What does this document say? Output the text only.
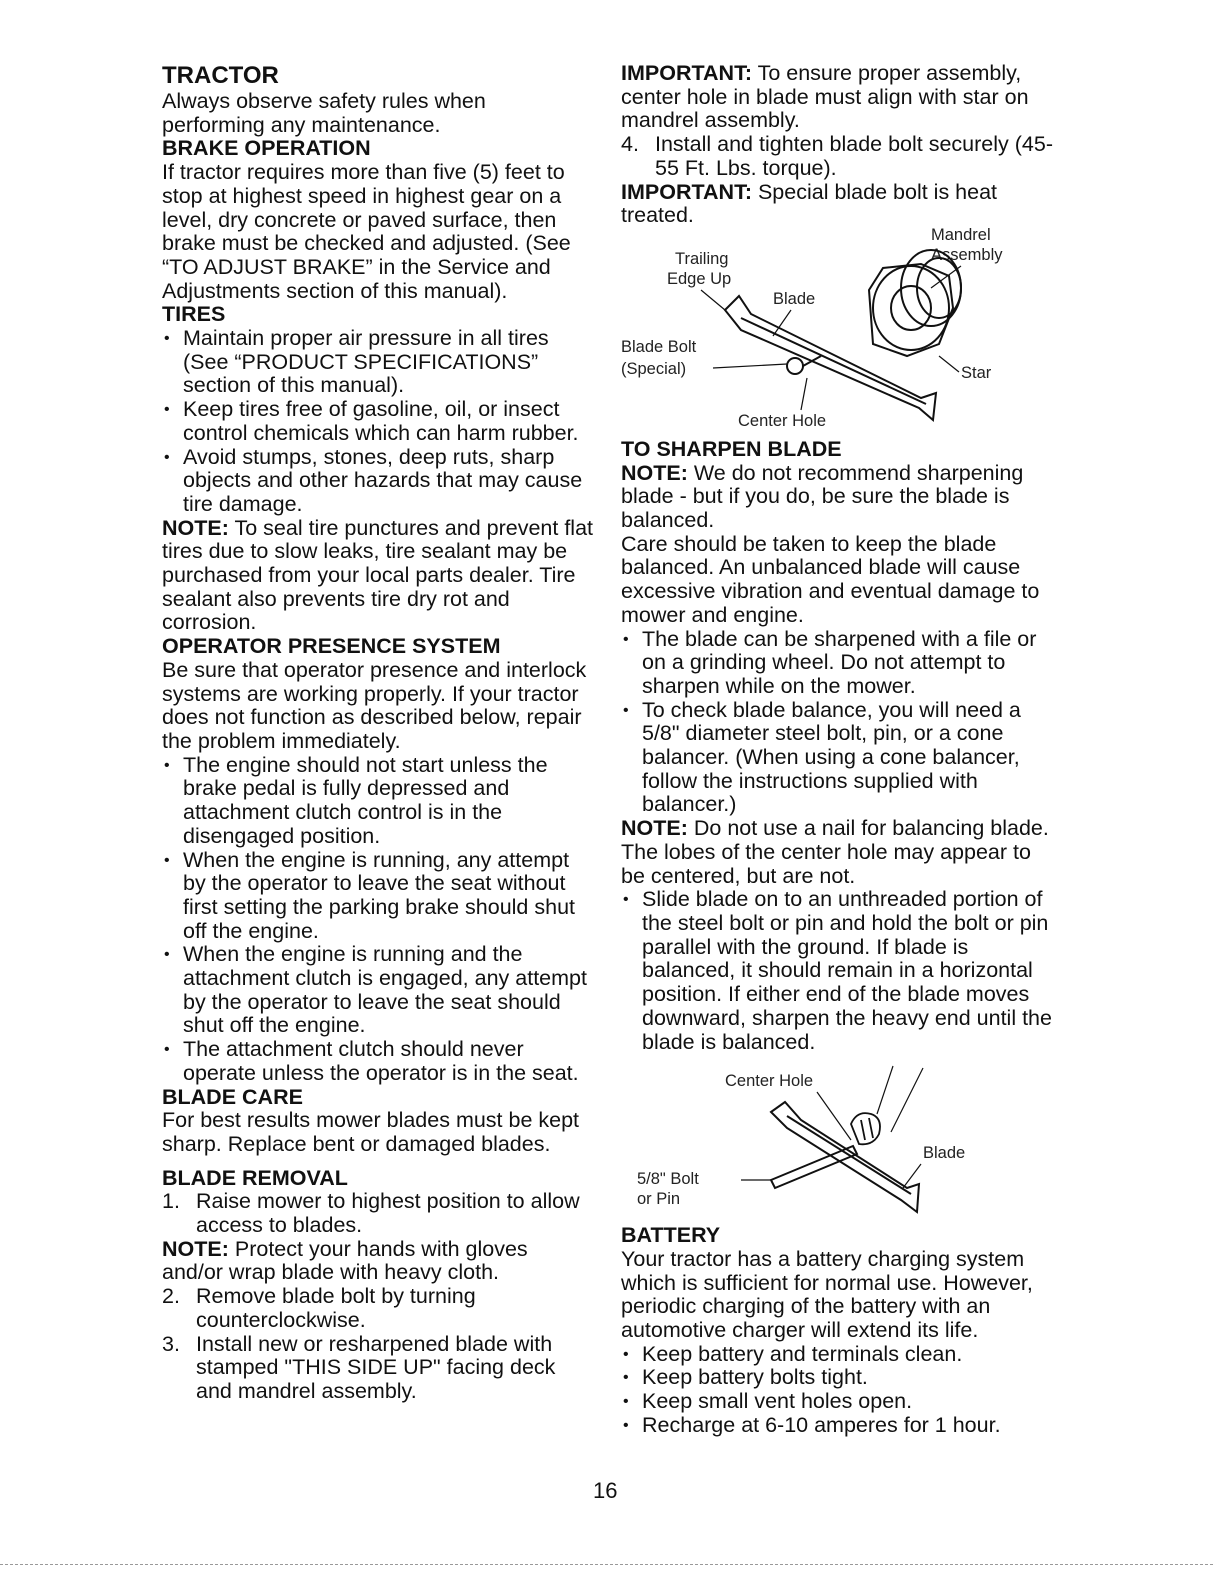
TRACTOR

Always observe safety rules when performing any maintenance.

BRAKE OPERATION

If tractor requires more than five (5) feet to stop at highest speed in highest gear on a level, dry concrete or paved surface, then brake must be checked and adjusted. (See “TO ADJUST BRAKE” in the Service and Adjustments section of this manual).

TIRES
• Maintain proper air pressure in all tires (See “PRODUCT SPECIFICATIONS” section of this manual).
• Keep tires free of gasoline, oil, or insect control chemicals which can harm rubber.
• Avoid stumps, stones, deep ruts, sharp objects and other hazards that may cause tire damage.

NOTE: To seal tire punctures and prevent flat tires due to slow leaks, tire sealant may be purchased from your local parts dealer. Tire sealant also prevents tire dry rot and corrosion.

OPERATOR PRESENCE SYSTEM

Be sure that operator presence and interlock systems are working properly. If your tractor does not function as described below, repair the problem immediately.

• The engine should not start unless the brake pedal is fully depressed and attachment clutch control is in the disengaged position.
• When the engine is running, any attempt by the operator to leave the seat without first setting the parking brake should shut off the engine.
• When the engine is running and the attachment clutch is engaged, any attempt by the operator to leave the seat should shut off the engine.
• The attachment clutch should never operate unless the operator is in the seat.
BLADE CARE

For best results mower blades must be kept sharp. Replace bent or damaged blades.

BLADE REMOVAL
1. Raise mower to highest position to allow access to blades.

NOTE: Protect your hands with gloves and/or wrap blade with heavy cloth.

2. Remove blade bolt by turning counterclockwise.
3. Install new or resharpened blade with stamped "THIS SIDE UP" facing deck and mandrel assembly.

IMPORTANT: To ensure proper assembly, center hole in blade must align with star on mandrel assembly.

4. Install and tighten blade bolt securely (45-55 Ft. Lbs. torque).

IMPORTANT: Special blade bolt is heat treated.

Mandrel
Assembly
Trailing
Edge Up
Blade
Blade Bolt
(Special)	Star
Center Hole
TO SHARPEN BLADE

NOTE: We do not recommend sharpening blade - but if you do, be sure the blade is balanced.

Care should be taken to keep the blade balanced. An unbalanced blade will cause excessive vibration and eventual damage to mower and engine.

• The blade can be sharpened with a file or on a grinding wheel. Do not attempt to sharpen while on the mower.
• To check blade balance, you will need a 5/8" diameter steel bolt, pin, or a cone balancer. (When using a cone balancer, follow the instructions supplied with balancer.)

NOTE: Do not use a nail for balancing blade. The lobes of the center hole may appear to be centered, but are not.

• Slide blade on to an unthreaded portion of the steel bolt or pin and hold the bolt or pin parallel with the ground. If blade is balanced, it should remain in a horizontal position. If either end of the blade moves downward, sharpen the heavy end until the blade is balanced.
Center Hole
Blade
5/8" Bolt
or Pin
BATTERY

Your tractor has a battery charging system which is sufficient for normal use. However, periodic charging of the battery with an automotive charger will extend its life.

• Keep battery and terminals clean.
• Keep battery bolts tight.
• Keep small vent holes open.
• Recharge at 6-10 amperes for 1 hour.
16
